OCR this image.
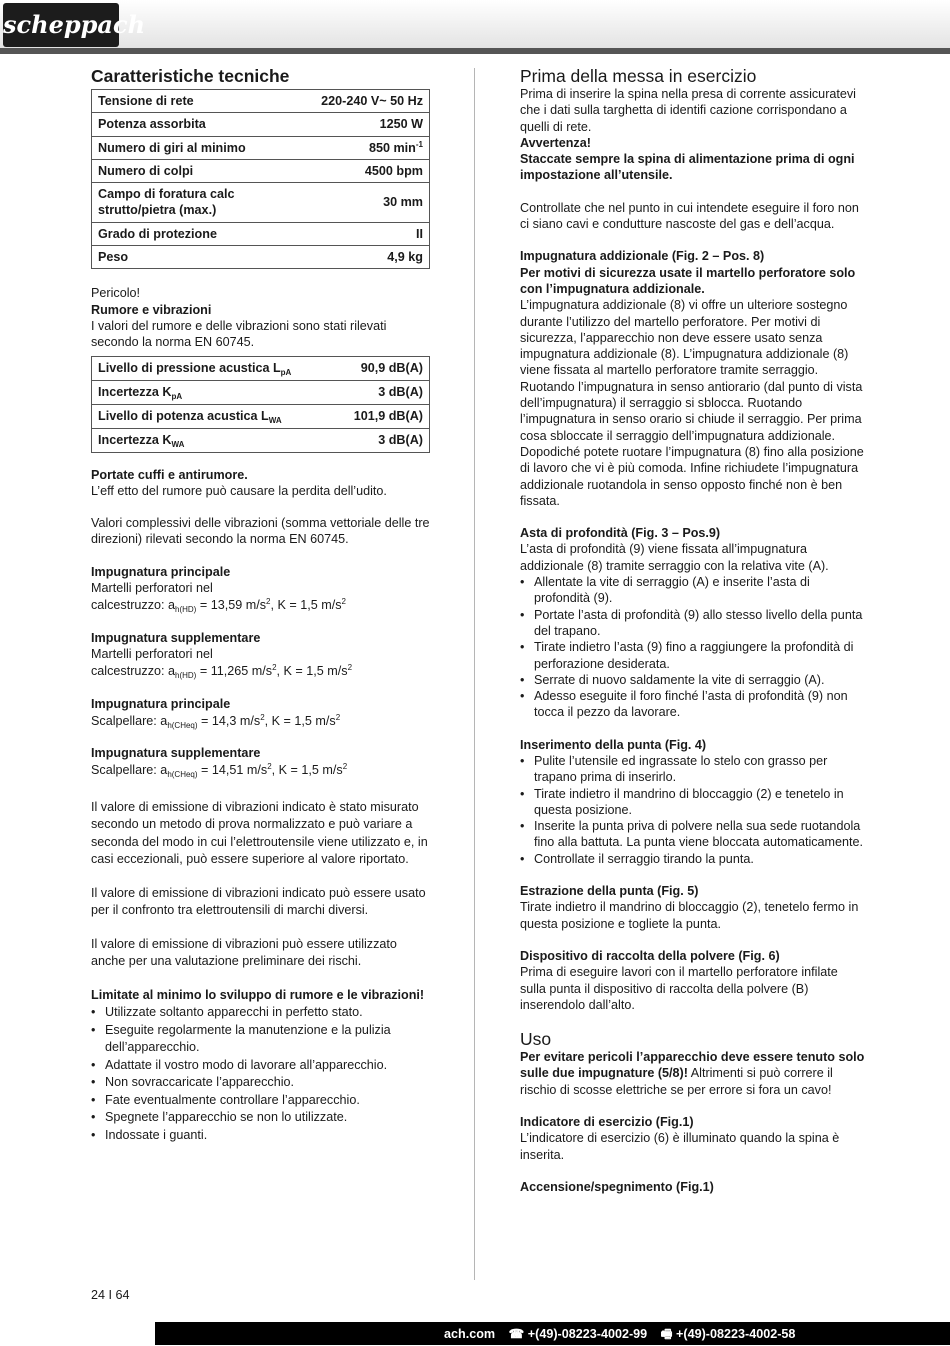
scheppach
Caratteristiche tecniche
Tensione di rete	220-240 V~ 50 Hz
Potenza assorbita	1250 W
Numero di giri al minimo	850 $\min^{-1}$
Numero di colpi	4500 bpm
Campo di foratura calc strutto/pietra (max.)	30 mm
Grado di protezione	II
Peso	4,9 kg

Pericolo!

Rumore e vibrazioni

I valori del rumore e delle vibrazioni sono stati rilevati secondo la norma EN 60745.

Livello di pressione acustica $L_{pA}$	90,9 dB(A)
Incertezza $K_{pA}$	3 dB(A)
Livello di potenza acustica $L_{WA}$	101,9 dB(A)
Incertezza $K_{WA}$	3 dB(A)

Portate cuffi e antirumore.

L’eff etto del rumore può causare la perdita dell’udito.

Valori complessivi delle vibrazioni (somma vettoriale delle tre direzioni) rilevati secondo la norma EN 60745.

Impugnatura principale

Martelli perforatori nel

calcestruzzo: $a_{h(HD)} = 13,59$ $m/s^2$, K = 1,5 $m/s^2$

Impugnatura supplementare

Martelli perforatori nel

calcestruzzo: $a_{h(HD)} = 11,265$ $m/s^2$, K = 1,5 $m/s^2$

Impugnatura principale

Scalpellare: $a_{h(CHeq)} = 14,3$ $m/s^2$, K = 1,5 $m/s^2$

Impugnatura supplementare

Scalpellare: $a_{h(CHeq)} = 14,51$ $m/s^2$, K = 1,5 $m/s^2$

Il valore di emissione di vibrazioni indicato è stato misurato secondo un metodo di prova normalizzato e può variare a seconda del modo in cui l’elettroutensile viene utilizzato e, in casi eccezionali, può essere superiore al valore riportato.

Il valore di emissione di vibrazioni indicato può essere usato per il confronto tra elettroutensili di marchi diversi.

Il valore di emissione di vibrazioni può essere utilizzato anche per una valutazione preliminare dei rischi.

Limitate al minimo lo sviluppo di rumore e le vibrazioni!

• Utilizzate soltanto apparecchi in perfetto stato.
• Eseguite regolarmente la manutenzione e la pulizia dell’apparecchio.
• Adattate il vostro modo di lavorare all’apparecchio.
• Non sovraccaricate l’apparecchio.
• Fate eventualmente controllare l’apparecchio.
• Spegnete l’apparecchio se non lo utilizzate.
• Indossate i guanti.
Prima della messa in esercizio

Prima di inserire la spina nella presa di corrente assicuratevi che i dati sulla targhetta di identifi cazione corrispondano a quelli di rete.

Avvertenza!

Staccate sempre la spina di alimentazione prima di ogni impostazione all’utensile.

Controllate che nel punto in cui intendete eseguire il foro non ci siano cavi e condutture nascoste del gas e dell’acqua.

Impugnatura addizionale (Fig. 2 – Pos. 8)

Per motivi di sicurezza usate il martello perforatore solo con l’impugnatura addizionale.

L’impugnatura addizionale (8) vi offre un ulteriore sostegno durante l’utilizzo del martello perforatore. Per motivi di sicurezza, l’apparecchio non deve essere usato senza impugnatura addizionale (8). L’impugnatura addizionale (8) viene fissata al martello perforatore tramite serraggio. Ruotando l’impugnatura in senso antiorario (dal punto di vista dell’impugnatura) il serraggio si sblocca. Ruotando l’impugnatura in senso orario si chiude il serraggio. Per prima cosa sbloccate il serraggio dell’impugnatura addizionale. Dopodiché potete ruotare l’impugnatura (8) fino alla posizione di lavoro che vi è più comoda. Infine richiudete l’impugnatura addizionale ruotandola in senso opposto finché non è ben fissata.

Asta di profondità (Fig. 3 – Pos.9)

L’asta di profondità (9) viene fissata all’impugnatura addizionale (8) tramite serraggio con la relativa vite (A).

• Allentate la vite di serraggio (A) e inserite l’asta di profondità (9).
• Portate l’asta di profondità (9) allo stesso livello della punta del trapano.
• Tirate indietro l’asta (9) fino a raggiungere la profondità di perforazione desiderata.
• Serrate di nuovo saldamente la vite di serraggio (A).
• Adesso eseguite il foro finché l’asta di profondità (9) non tocca il pezzo da lavorare.

Inserimento della punta (Fig. 4)

• Pulite l’utensile ed ingrassate lo stelo con grasso per trapano prima di inserirlo.
• Tirate indietro il mandrino di bloccaggio (2) e tenetelo in questa posizione.
• Inserite la punta priva di polvere nella sua sede ruotandola fino alla battuta. La punta viene bloccata automaticamente.
• Controllate il serraggio tirando la punta.

Estrazione della punta (Fig. 5)

Tirate indietro il mandrino di bloccaggio (2), tenetelo fermo in questa posizione e togliete la punta.

Dispositivo di raccolta della polvere (Fig. 6)

Prima di eseguire lavori con il martello perforatore infilate sulla punta il dispositivo di raccolta della polvere (B) inserendolo dall’alto.

Uso

Per evitare pericoli l’apparecchio deve essere tenuto solo sulle due impugnature (5/8)! Altrimenti si può correre il rischio di scosse elettriche se per errore si fora un cavo!

Indicatore di esercizio (Fig.1)

L’indicatore di esercizio (6) è illuminato quando la spina è inserita.

Accensione/spegnimento (Fig.1)

24 I 64
ach.com ☎ +(49)-08223-4002-99 🖷 +(49)-08223-4002-58
